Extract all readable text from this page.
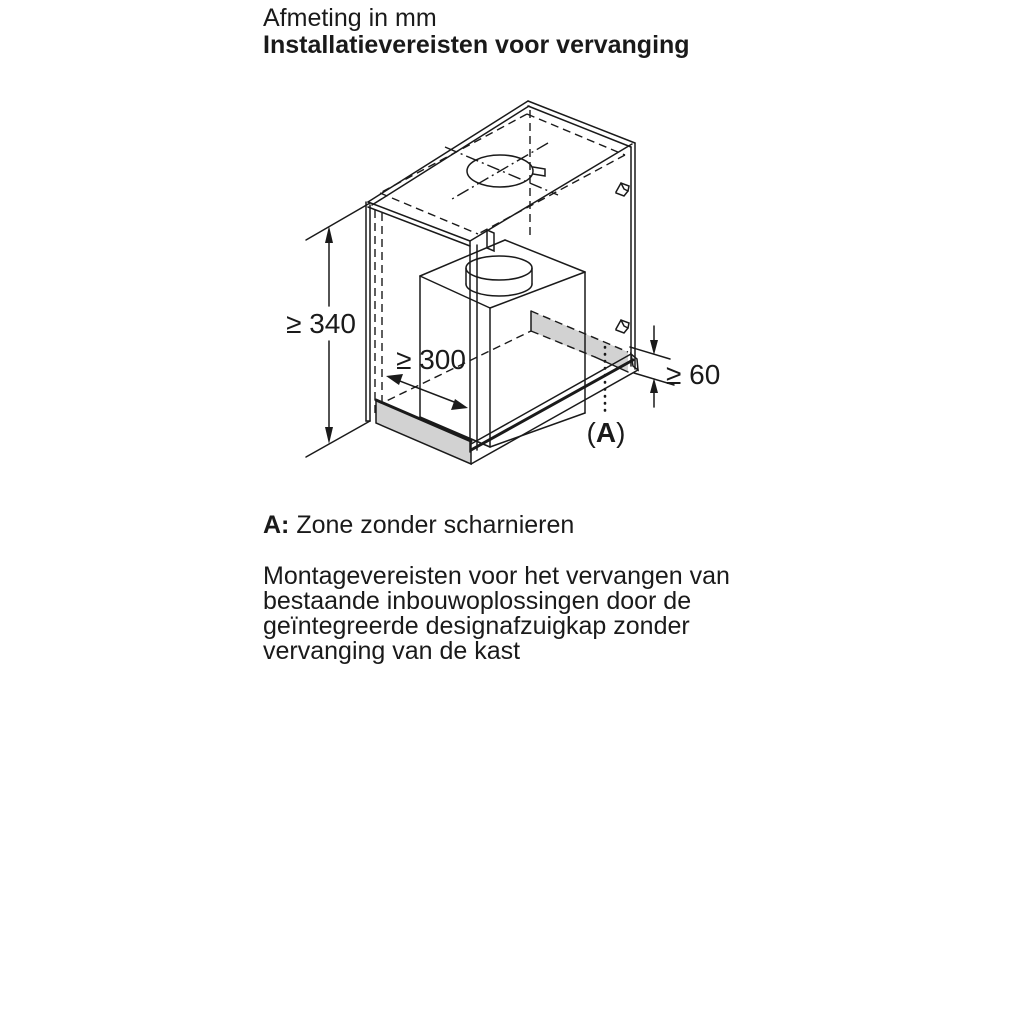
Afmeting in mm
Installatievereisten voor vervanging
≥ 340
≥ 300	≥ 60
(A)
A: Zone zonder scharnieren
Montagevereisten voor het vervangen van
bestaande inbouwoplossingen door de
geïntegreerde designafzuigkap zonder
vervanging van de kast
